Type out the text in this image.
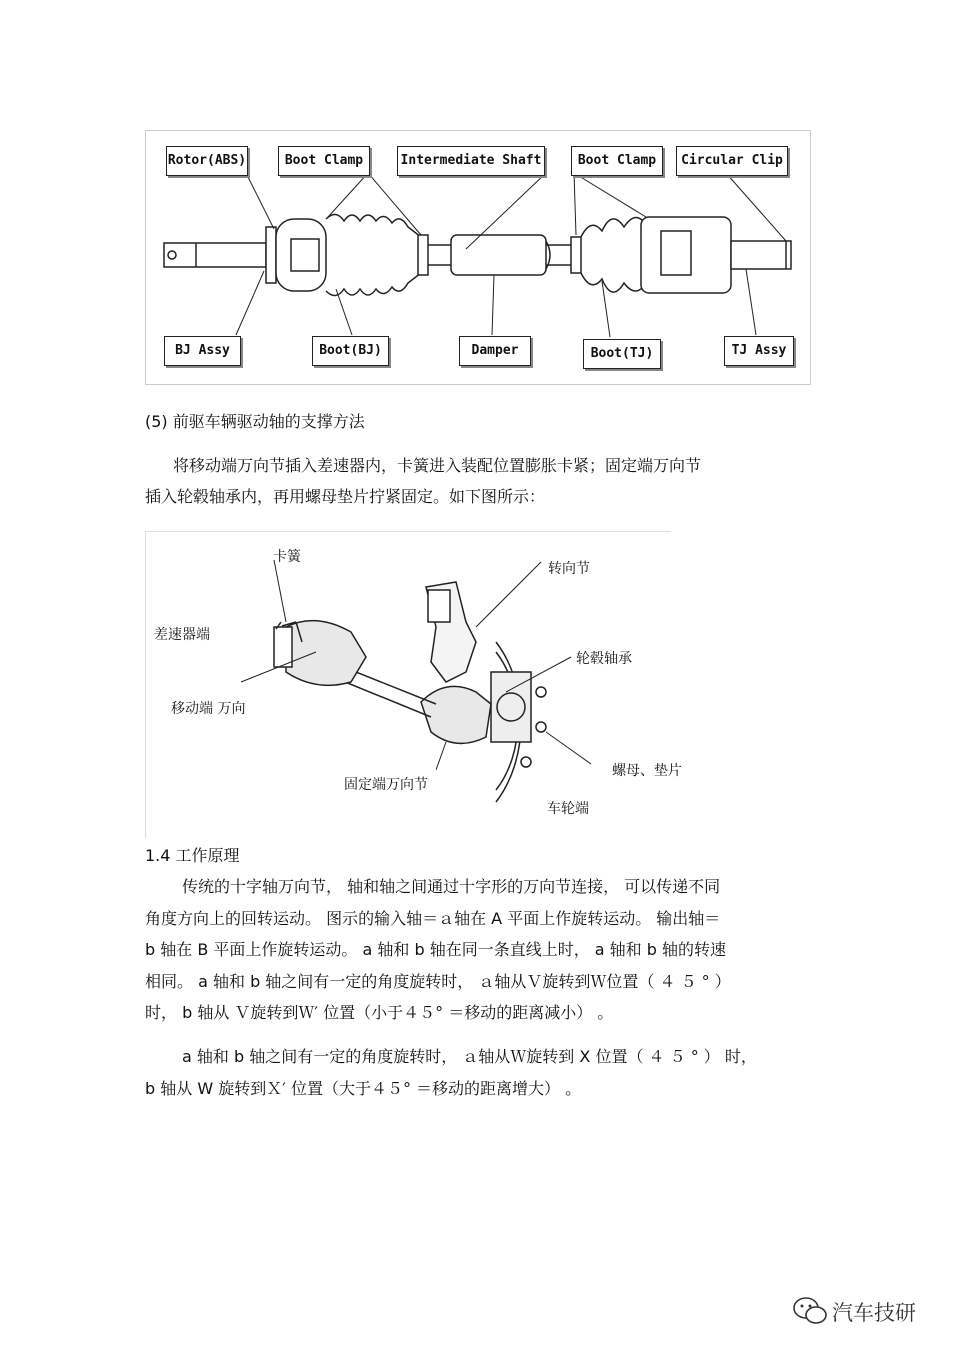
Rotor(ABS)	Boot Clamp	Intermediate Shaft	Boot Clamp	Circular Clip
BJ Assy	Boot(BJ)	Damper	Boot(TJ)	TJ Assy
(5) 前驱车辆驱动轴的支撑方法
将移动端万向节插入差速器内，卡簧进入装配位置膨胀卡紧；固定端万向节
插入轮毂轴承内，再用螺母垫片拧紧固定。如下图所示：
卡簧
转向节
差速器端
轮毂轴承
移动端 万向
螺母、垫片
固定端万向节
车轮端
1.4 工作原理
传统的十字轴万向节， 轴和轴之间通过十字形的万向节连接， 可以传递不同
角度方向上的回转运动。 图示的输入轴＝ａ轴在 A 平面上作旋转运动。 输出轴＝
b 轴在 B 平面上作旋转运动。 a 轴和 b 轴在同一条直线上时， a 轴和 b 轴的转速
相同。 a 轴和 b 轴之间有一定的角度旋转时， ａ轴从Ｖ旋转到Ｗ位置（ ４ ５ ° ）
时， b 轴从 Ｖ旋转到Ｗ′ 位置（小于４５° ＝移动的距离减小） 。
a 轴和 b 轴之间有一定的角度旋转时， ａ轴从Ｗ旋转到 X 位置（ ４ ５ ° ） 时，
b 轴从 W 旋转到Ｘ′ 位置（大于４５° ＝移动的距离增大） 。
汽车技研
